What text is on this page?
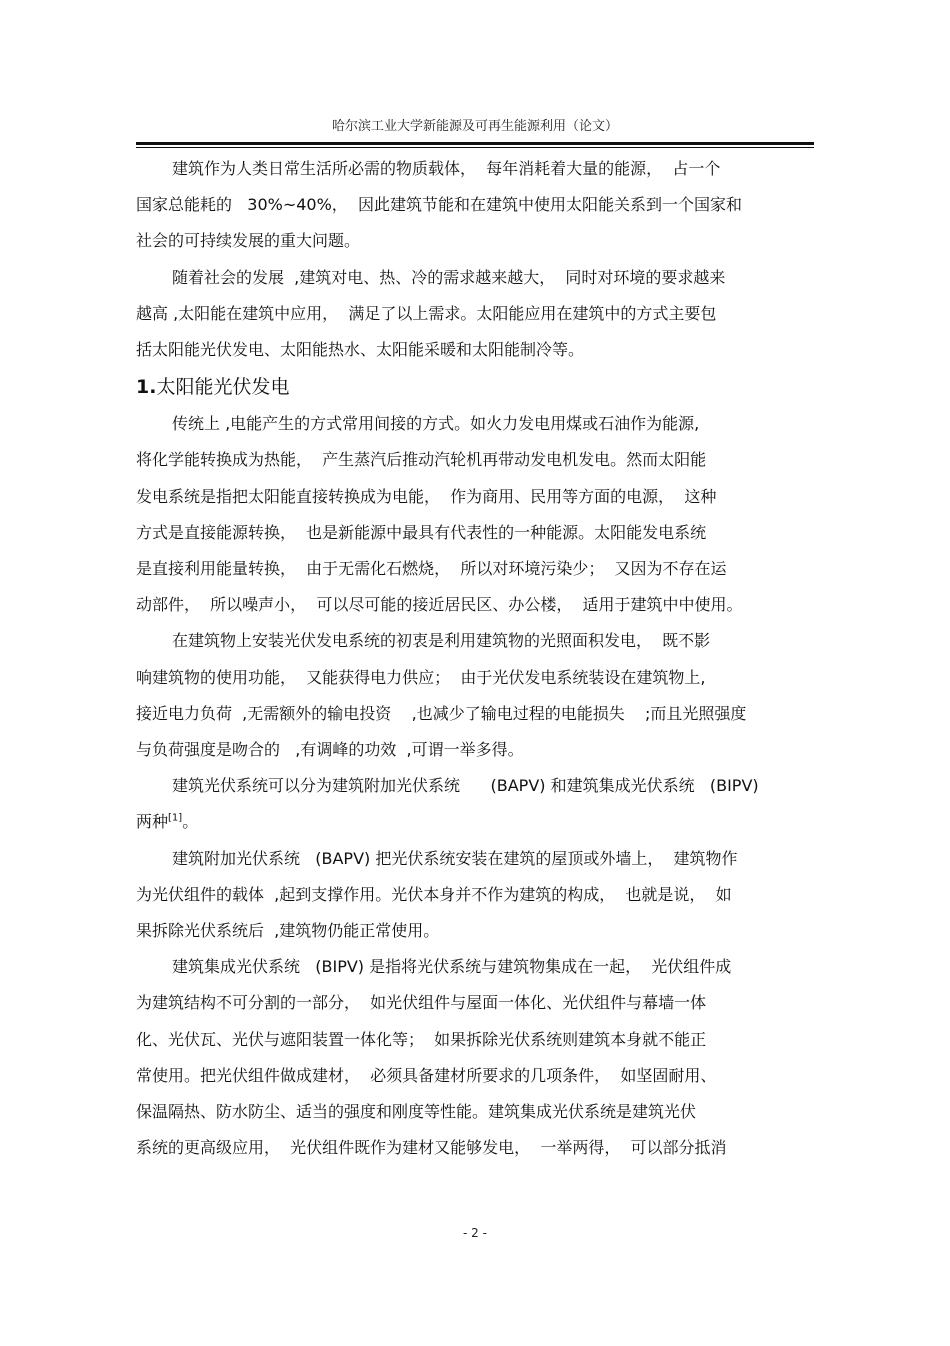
哈尔滨工业大学新能源及可再生能源利用（论文）

建筑作为人类日常生活所必需的物质载体，  每年消耗着大量的能源，  占一个
国家总能耗的   30%~40%，  因此建筑节能和在建筑中使用太阳能关系到一个国家和
社会的可持续发展的重大问题。

随着社会的发展  ,建筑对电、热、冷的需求越来越大，  同时对环境的要求越来
越高 ,太阳能在建筑中应用，  满足了以上需求。太阳能应用在建筑中的方式主要包
括太阳能光伏发电、太阳能热水、太阳能采暖和太阳能制冷等。

1.太阳能光伏发电

传统上 ,电能产生的方式常用间接的方式。如火力发电用煤或石油作为能源,
将化学能转换成为热能，  产生蒸汽后推动汽轮机再带动发电机发电。然而太阳能
发电系统是指把太阳能直接转换成为电能，  作为商用、民用等方面的电源，  这种
方式是直接能源转换，  也是新能源中最具有代表性的一种能源。太阳能发电系统
是直接利用能量转换，  由于无需化石燃烧，  所以对环境污染少；  又因为不存在运
动部件，  所以噪声小，  可以尽可能的接近居民区、办公楼，  适用于建筑中中使用。

在建筑物上安装光伏发电系统的初衷是利用建筑物的光照面积发电，  既不影
响建筑物的使用功能，  又能获得电力供应；  由于光伏发电系统装设在建筑物上,
接近电力负荷  ,无需额外的输电投资    ,也减少了输电过程的电能损失    ;而且光照强度
与负荷强度是吻合的   ,有调峰的功效  ,可谓一举多得。

建筑光伏系统可以分为建筑附加光伏系统      (BAPV) 和建筑集成光伏系统   (BIPV)
两种[1]。

建筑附加光伏系统   (BAPV) 把光伏系统安装在建筑的屋顶或外墙上，  建筑物作
为光伏组件的载体  ,起到支撑作用。光伏本身并不作为建筑的构成，  也就是说，  如
果拆除光伏系统后  ,建筑物仍能正常使用。

建筑集成光伏系统   (BIPV) 是指将光伏系统与建筑物集成在一起，  光伏组件成
为建筑结构不可分割的一部分，  如光伏组件与屋面一体化、光伏组件与幕墙一体
化、光伏瓦、光伏与遮阳装置一体化等；  如果拆除光伏系统则建筑本身就不能正
常使用。把光伏组件做成建材，  必须具备建材所要求的几项条件，  如坚固耐用、
保温隔热、防水防尘、适当的强度和刚度等性能。建筑集成光伏系统是建筑光伏
系统的更高级应用，  光伏组件既作为建材又能够发电，  一举两得，  可以部分抵消

- 2 -
